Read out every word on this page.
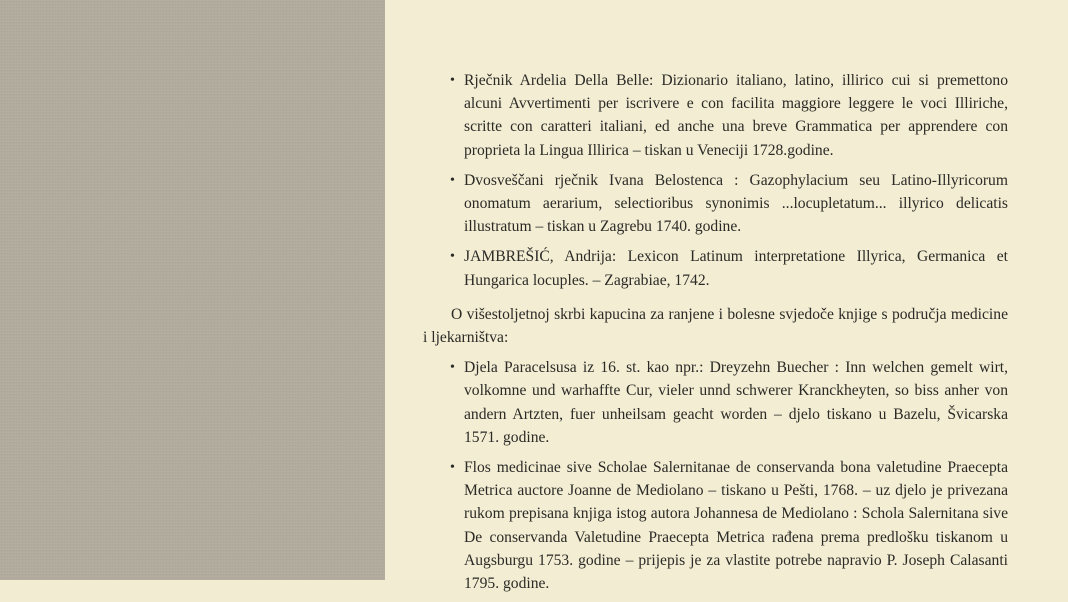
• Rječnik Ardelia Della Belle: Dizionario italiano, latino, illirico cui si premettono alcuni Avvertimenti per iscrivere e con facilita maggiore leggere le voci Illiriche, scritte con caratteri italiani, ed anche una breve Grammatica per apprendere con proprieta la Lingua Illirica – tiskan u Veneciji 1728.godine.
• Dvosveščani rječnik Ivana Belostenca : Gazophylacium seu Latino-Illyricorum onomatum aerarium, selectioribus synonimis ...locupletatum... illyrico delicatis illustratum – tiskan u Zagrebu 1740. godine.
• JAMBREŠIĆ, Andrija: Lexicon Latinum interpretatione Illyrica, Germanica et Hungarica locuples. – Zagrabiae, 1742.

O višestoljetnoj skrbi kapucina za ranjene i bolesne svjedoče knjige s područja medicine i ljekarništva:

• Djela Paracelsusa iz 16. st. kao npr.: Dreyzehn Buecher : Inn welchen gemelt wirt, volkomne und warhaffte Cur, vieler unnd schwerer Kranckheyten, so biss anher von andern Artzten, fuer unheilsam geacht worden – djelo tiskano u Bazelu, Švicarska 1571. godine.
• Flos medicinae sive Scholae Salernitanae de conservanda bona valetudine Praecepta Metrica auctore Joanne de Mediolano – tiskano u Pešti, 1768. – uz djelo je privezana rukom prepisana knjiga istog autora Johannesa de Mediolano : Schola Salernitana sive De conservanda Valetudine Praecepta Metrica rađena prema predlošku tiskanom u Augsburgu 1753. godine – prijepis je za vlastite potrebe napravio P. Joseph Calasanti 1795. godine.
